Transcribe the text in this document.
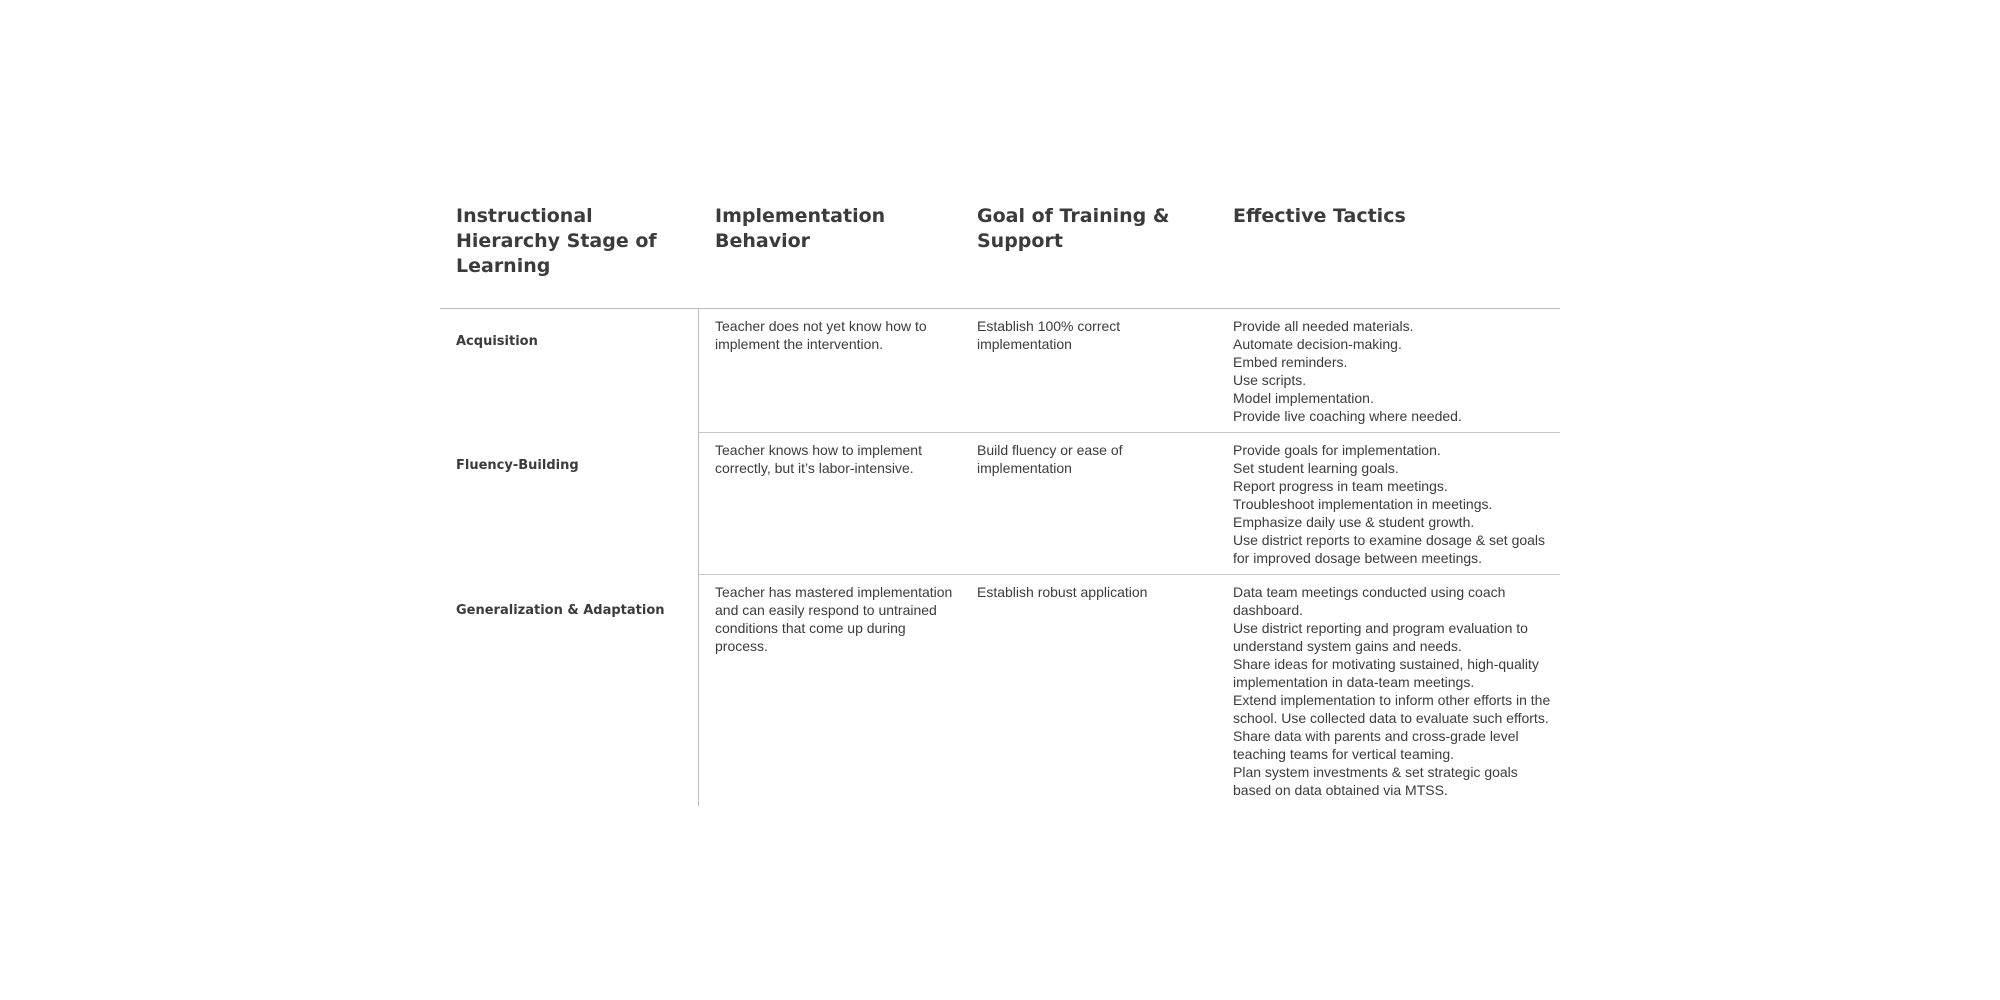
Instructional Hierarchy Stage of Learning
Implementation Behavior
Goal of Training & Support
Effective Tactics
Acquisition
Teacher does not yet know how to implement the intervention.
Establish 100% correct implementation
Provide all needed materials.
Automate decision-making.
Embed reminders.
Use scripts.
Model implementation.
Provide live coaching where needed.
Fluency-Building
Teacher knows how to implement correctly, but it’s labor-intensive.
Build fluency or ease of implementation
Provide goals for implementation.
Set student learning goals.
Report progress in team meetings.
Troubleshoot implementation in meetings.
Emphasize daily use & student growth.
Use district reports to examine dosage & set goals for improved dosage between meetings.
Generalization & Adaptation
Teacher has mastered implementation and can easily respond to untrained conditions that come up during process.
Establish robust application	Data team meetings conducted using coach dashboard.
Use district reporting and program evaluation to understand system gains and needs.
Share ideas for motivating sustained, high-quality implementation in data-team meetings.
Extend implementation to inform other efforts in the school. Use collected data to evaluate such efforts. Share data with parents and cross-grade level teaching teams for vertical teaming.
Plan system investments & set strategic goals based on data obtained via MTSS.
